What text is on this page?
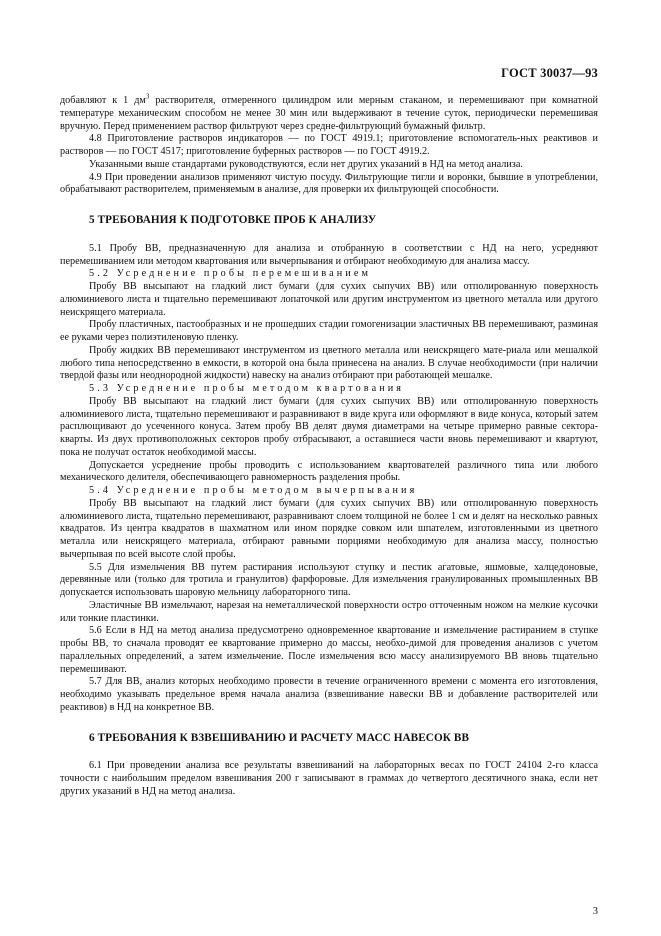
ГОСТ 30037—93

добавляют к 1 $дм^3$ растворителя, отмеренного цилиндром или мерным стаканом, и перемешивают при комнатной температуре механическим способом не менее 30 мин или выдерживают в течение суток, периодически перемешивая вручную. Перед применением раствор фильтруют через средне-фильтрующий бумажный фильтр.

4.8 Приготовление растворов индикаторов — по ГОСТ 4919.1; приготовление вспомогатель-ных реактивов и растворов — по ГОСТ 4517; приготовление буферных растворов — по ГОСТ 4919.2.

Указанными выше стандартами руководствуются, если нет других указаний в НД на метод анализа.

4.9 При проведении анализов применяют чистую посуду. Фильтрующие тигли и воронки, бывшие в употреблении, обрабатывают растворителем, применяемым в анализе, для проверки их фильтрующей способности.

5 ТРЕБОВАНИЯ К ПОДГОТОВКЕ ПРОБ К АНАЛИЗУ

5.1 Пробу ВВ, предназначенную для анализа и отобранную в соответствии с НД на него, усредняют перемешиванием или методом квартования или вычерпывания и отбирают необходимую для анализа массу.

5.2 Усреднение пробы перемешиванием

Пробу ВВ высыпают на гладкий лист бумаги (для сухих сыпучих ВВ) или отполированную поверхность алюминиевого листа и тщательно перемешивают лопаточкой или другим инструментом из цветного металла или другого неискрящего материала.

Пробу пластичных, пастообразных и не прошедших стадии гомогенизации эластичных ВВ перемешивают, разминая ее руками через полиэтиленовую пленку.

Пробу жидких ВВ перемешивают инструментом из цветного металла или неискрящего мате-риала или мешалкой любого типа непосредственно в емкости, в которой она была принесена на анализ. В случае необходимости (при наличии твердой фазы или неоднородной жидкости) навеску на анализ отбирают при работающей мешалке.

5.3 Усреднение пробы методом квартования

Пробу ВВ высыпают на гладкий лист бумаги (для сухих сыпучих ВВ) или отполированную поверхность алюминиевого листа, тщательно перемешивают и разравнивают в виде круга или оформляют в виде конуса, который затем расплющивают до усеченного конуса. Затем пробу ВВ делят двумя диаметрами на четыре примерно равные сектора-кварты. Из двух противоположных секторов пробу отбрасывают, а оставшиеся части вновь перемешивают и квартуют, пока не получат остаток необходимой массы.

Допускается усреднение пробы проводить с использованием квартователей различного типа или любого механического делителя, обеспечивающего равномерность разделения пробы.

5.4 Усреднение пробы методом вычерпывания

Пробу ВВ высыпают на гладкий лист бумаги (для сухих сыпучих ВВ) или отполированную поверхность алюминиевого листа, тщательно перемешивают, разравнивают слоем толщиной не более 1 см и делят на несколько равных квадратов. Из центра квадратов в шахматном или ином порядке совком или шпателем, изготовленными из цветного металла или неискрящего материала, отбирают равными порциями необходимую для анализа массу, полностью вычерпывая по всей высоте слой пробы.

5.5 Для измельчения ВВ путем растирания используют ступку и пестик агатовые, яшмовые, халцедоновые, деревянные или (только для тротила и гранулитов) фарфоровые. Для измельчения гранулированных промышленных ВВ допускается использовать шаровую мельницу лабораторного типа.

Эластичные ВВ измельчают, нарезая на неметаллической поверхности остро отточенным ножом на мелкие кусочки или тонкие пластинки.

5.6 Если в НД на метод анализа предусмотрено одновременное квартование и измельчение растиранием в ступке пробы ВВ, то сначала проводят ее квартование примерно до массы, необхо-димой для проведения анализов с учетом параллельных определений, а затем измельчение. После измельчения всю массу анализируемого ВВ вновь тщательно перемешивают.

5.7 Для ВВ, анализ которых необходимо провести в течение ограниченного времени с момента его изготовления, необходимо указывать предельное время начала анализа (взвешивание навески ВВ и добавление растворителей или реактивов) в НД на конкретное ВВ.

6 ТРЕБОВАНИЯ К ВЗВЕШИВАНИЮ И РАСЧЕТУ МАСС НАВЕСОК ВВ

6.1 При проведении анализа все результаты взвешиваний на лабораторных весах по ГОСТ 24104 2-го класса точности с наибольшим пределом взвешивания 200 г записывают в граммах до четвертого десятичного знака, если нет других указаний в НД на метод анализа.

3
